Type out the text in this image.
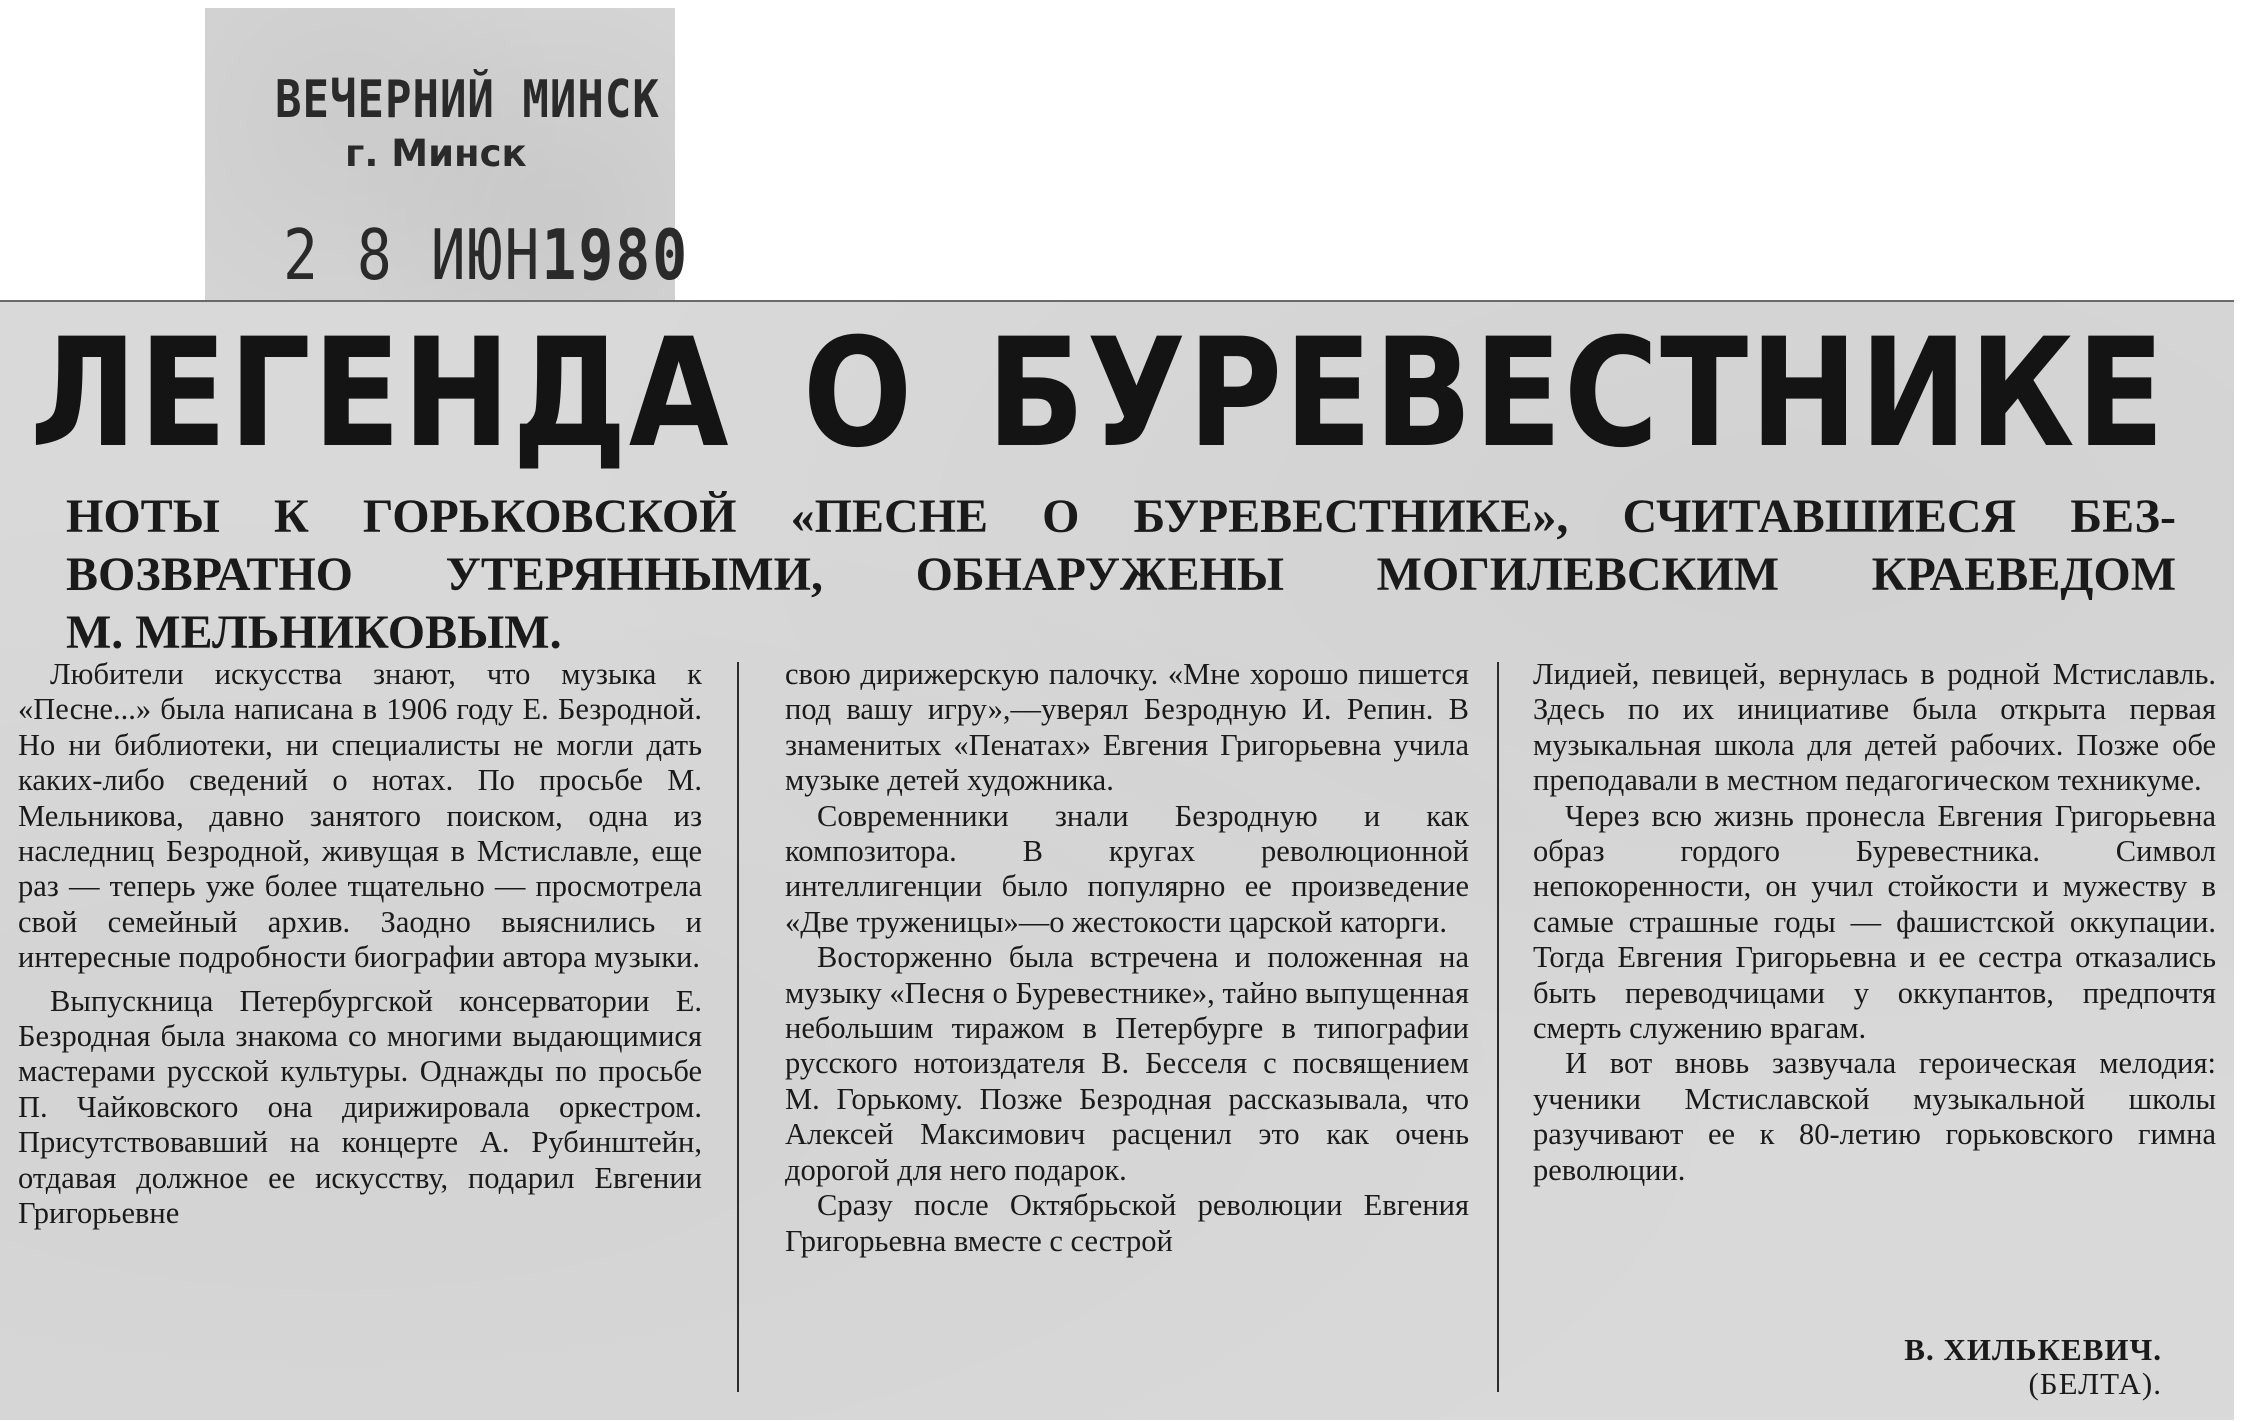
ВЕЧЕРНИЙ МИНСК
г. Минск
2 8 ИЮН1980
ЛЕГЕНДА О БУРЕВЕСТНИКЕ
НОТЫ К ГОРЬКОВСКОЙ «ПЕСНЕ О БУРЕВЕСТНИКЕ», СЧИТАВШИЕСЯ БЕЗ-
ВОЗВРАТНО УТЕРЯННЫМИ, ОБНАРУЖЕНЫ МОГИЛЕВСКИМ КРАЕВЕДОМ
М. МЕЛЬНИКОВЫМ.

Любители искусства знают, что музыка к «Песне...» была написана в 1906 году Е. Безродной. Но ни библиотеки, ни специалисты не могли дать каких-либо сведений о нотах. По просьбе М. Мельникова, давно занятого поиском, одна из наследниц Безродной, живущая в Мстиславле, еще раз — теперь уже более тщательно — просмотрела свой семейный архив. Заодно выяснились и интересные подробности биографии автора музыки.

Выпускница Петербургской консерватории Е. Безродная была знакома со многими выдающимися мастерами русской культуры. Однажды по просьбе П. Чайковского она дирижировала оркестром. Присутствовавший на концерте А. Рубинштейн, отдавая должное ее искусству, подарил Евгении Григорьевне

свою дирижерскую палочку. «Мне хорошо пишется под вашу игру»,—уверял Безродную И. Репин. В знаменитых «Пенатах» Евгения Григорьевна учила музыке детей художника.

Современники знали Безродную и как композитора. В кругах революционной интеллигенции было популярно ее произведение «Две труженицы»—о жестокости царской каторги.

Восторженно была встречена и положенная на музыку «Песня о Буревестнике», тайно выпущенная небольшим тиражом в Петербурге в типографии русского нотоиздателя В. Бесселя с посвящением М. Горькому. Позже Безродная рассказывала, что Алексей Максимович расценил это как очень дорогой для него подарок.

Сразу после Октябрьской революции Евгения Григорьевна вместе с сестрой

Лидией, певицей, вернулась в родной Мстиславль. Здесь по их инициативе была открыта первая музыкальная школа для детей рабочих. Позже обе преподавали в местном педагогическом техникуме.

Через всю жизнь пронесла Евгения Григорьевна образ гордого Буревестника. Символ непокоренности, он учил стойкости и мужеству в самые страшные годы — фашистской оккупации. Тогда Евгения Григорьевна и ее сестра отказались быть переводчицами у оккупантов, предпочтя смерть служению врагам.

И вот вновь зазвучала героическая мелодия: ученики Мстиславской музыкальной школы разучивают ее к 80-летию горьковского гимна революции.

В. ХИЛЬКЕВИЧ.
(БЕЛТА).
